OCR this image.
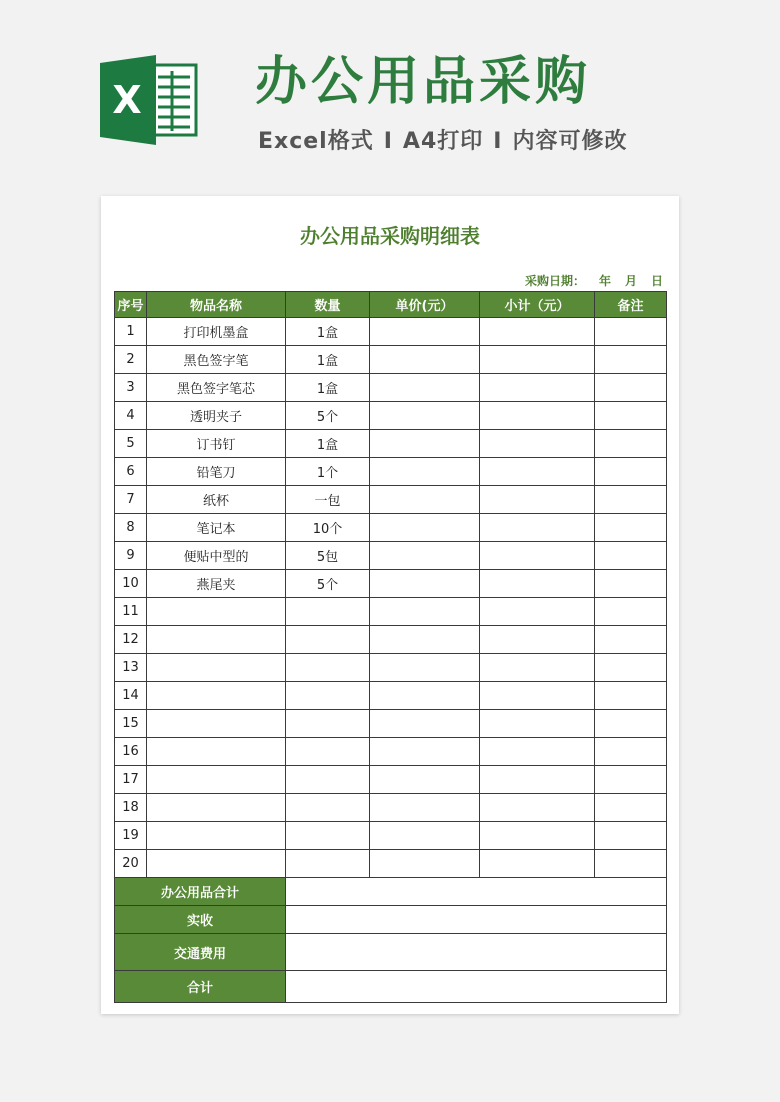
X 办公用品采购
Excel格式 I A4打印 I 内容可修改
办公用品采购明细表
采购日期： 年 月 日
序号	物品名称	数量	单价(元）	小计（元）	备注
1	打印机墨盒	1盒			
2	黑色签字笔	1盒			
3	黑色签字笔芯	1盒			
4	透明夹子	5个			
5	订书钉	1盒			
6	铅笔刀	1个			
7	纸杯	一包			
8	笔记本	10个			
9	便贴中型的	5包			
10	燕尾夹	5个			
11					
12					
13					
14					
15					
16					
17					
18					
19					
20					
办公用品合计					
实收					
交通费用					
合计					
